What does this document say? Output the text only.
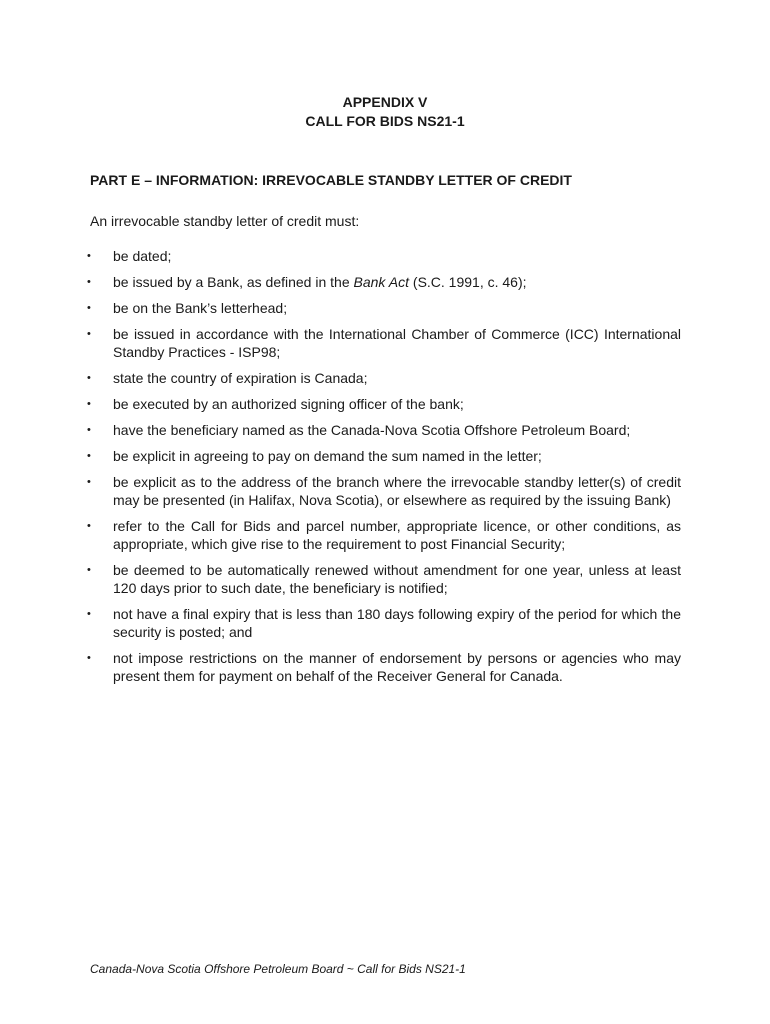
APPENDIX V
CALL FOR BIDS NS21-1
PART E – INFORMATION: IRREVOCABLE STANDBY LETTER OF CREDIT
An irrevocable standby letter of credit must:
• be dated;
• be issued by a Bank, as defined in the Bank Act (S.C. 1991, c. 46);
• be on the Bank’s letterhead;
• be issued in accordance with the International Chamber of Commerce (ICC) International Standby Practices - ISP98;
• state the country of expiration is Canada;
• be executed by an authorized signing officer of the bank;
• have the beneficiary named as the Canada-Nova Scotia Offshore Petroleum Board;
• be explicit in agreeing to pay on demand the sum named in the letter;
• be explicit as to the address of the branch where the irrevocable standby letter(s) of credit may be presented (in Halifax, Nova Scotia), or elsewhere as required by the issuing Bank)
• refer to the Call for Bids and parcel number, appropriate licence, or other conditions, as appropriate, which give rise to the requirement to post Financial Security;
• be deemed to be automatically renewed without amendment for one year, unless at least 120 days prior to such date, the beneficiary is notified;
• not have a final expiry that is less than 180 days following expiry of the period for which the security is posted; and
• not impose restrictions on the manner of endorsement by persons or agencies who may present them for payment on behalf of the Receiver General for Canada.
Canada-Nova Scotia Offshore Petroleum Board ~ Call for Bids NS21-1
